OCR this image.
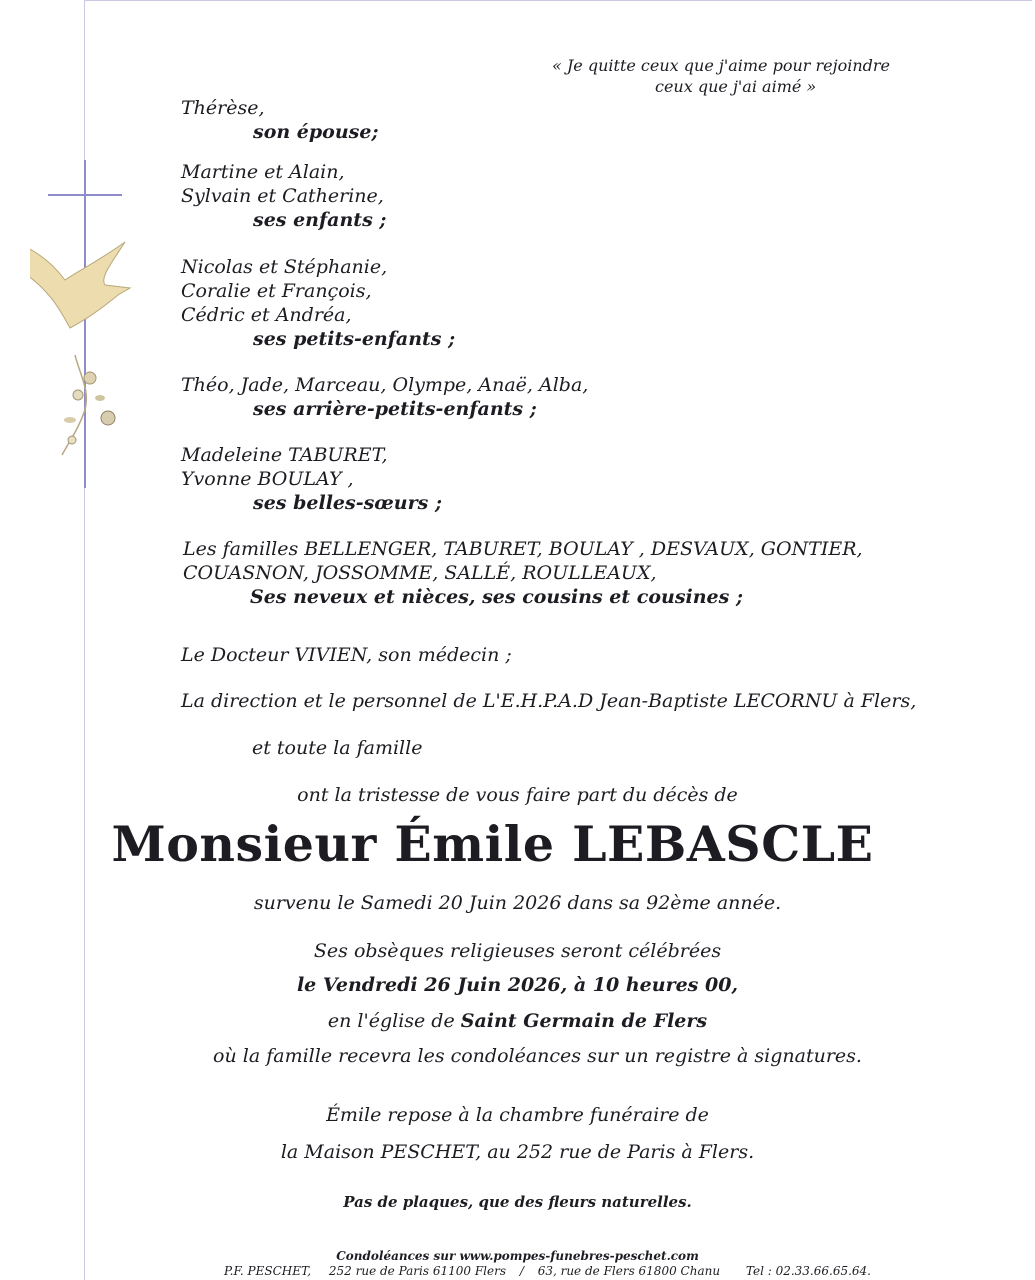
« Je quitte ceux que j'aime pour rejoindre
ceux que j'ai aimé »
Thérèse,
son épouse;
Martine et Alain,
Sylvain et Catherine,
ses enfants ;
Nicolas et Stéphanie,
Coralie et François,
Cédric et Andréa,
ses petits-enfants ;
Théo, Jade, Marceau, Olympe, Anaë, Alba,
ses arrière-petits-enfants ;
Madeleine TABURET,
Yvonne BOULAY ,
ses belles-sœurs ;
Les familles BELLENGER, TABURET, BOULAY , DESVAUX, GONTIER,
COUASNON, JOSSOMME, SALLÉ, ROULLEAUX,
Ses neveux et nièces, ses cousins et cousines ;
Le Docteur VIVIEN, son médecin ;
La direction et le personnel de L'E.H.P.A.D Jean-Baptiste LECORNU à Flers,
et toute la famille
ont la tristesse de vous faire part du décès de
Monsieur Émile LEBASCLE
survenu le Samedi 20 Juin 2026 dans sa 92ème année.
Ses obsèques religieuses seront célébrées
le Vendredi 26 Juin 2026, à 10 heures 00,
en l'église de Saint Germain de Flers
où la famille recevra les condoléances sur un registre à signatures.
Émile repose à la chambre funéraire de
la Maison PESCHET, au 252 rue de Paris à Flers.
Pas de plaques, que des fleurs naturelles.
Condoléances sur www.pompes-funebres-peschet.com
P.F. PESCHET, 252 rue de Paris 61100 Flers / 63, rue de Flers 61800 Chanu Tel : 02.33.66.65.64.
